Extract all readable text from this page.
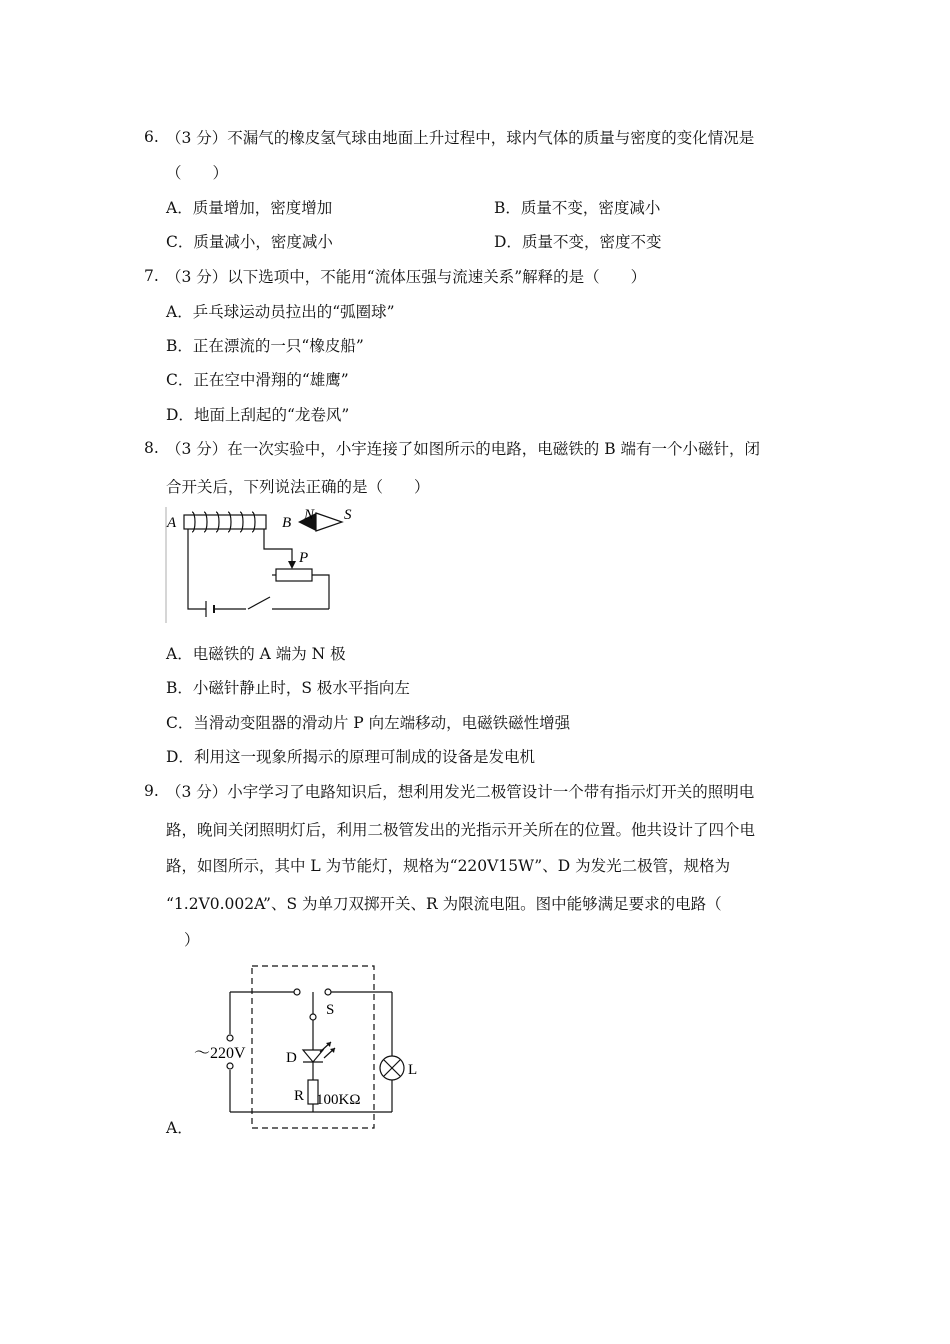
6. （3 分）不漏气的橡皮氢气球由地面上升过程中，球内气体的质量与密度的变化情况是
（　　）
A．质量增加，密度增加	B．质量不变，密度减小
C．质量减小，密度减小	D．质量不变，密度不变
7. （3 分）以下选项中，不能用“流体压强与流速关系”解释的是（　　）
A．乒乓球运动员拉出的“弧圈球”
B．正在漂流的一只“橡皮船”
C．正在空中滑翔的“雄鹰”
D．地面上刮起的“龙卷风”
8. （3 分）在一次实验中，小宇连接了如图所示的电路，电磁铁的 B 端有一个小磁针，闭
合开关后，下列说法正确的是（　　）
A	B N S
P
A．电磁铁的 A 端为 N 极
B．小磁针静止时，S 极水平指向左
C．当滑动变阻器的滑动片 P 向左端移动，电磁铁磁性增强
D．利用这一现象所揭示的原理可制成的设备是发电机
9. （3 分）小宇学习了电路知识后，想利用发光二极管设计一个带有指示灯开关的照明电
路，晚间关闭照明灯后，利用二极管发出的光指示开关所在的位置。他共设计了四个电
路，如图所示，其中 L 为节能灯，规格为“220V15W”、D 为发光二极管，规格为
“1.2V0.002A”、S 为单刀双掷开关、R 为限流电阻。图中能够满足要求的电路（
）
～220V
S
D
R 100KΩ
L
A．
